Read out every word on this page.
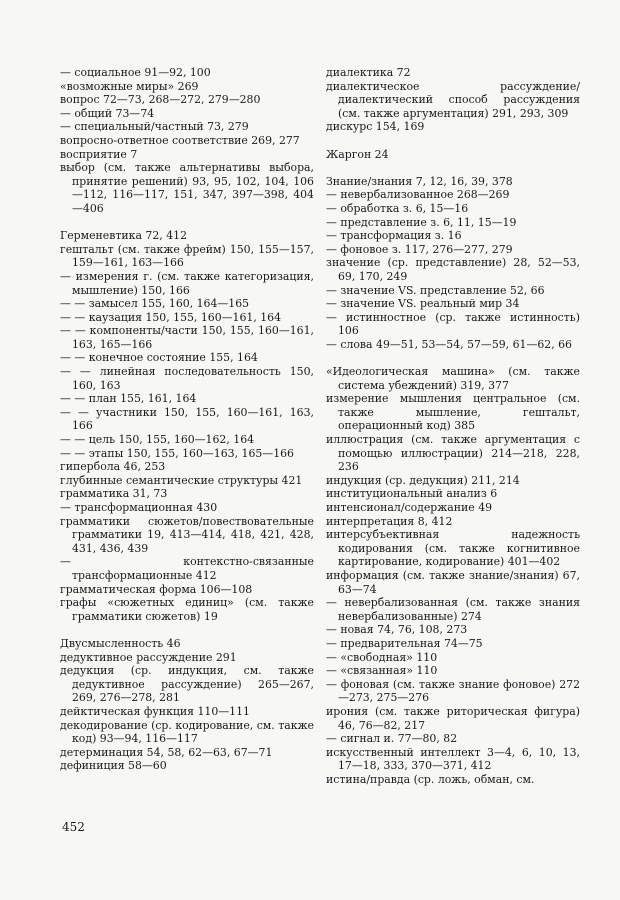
— социальное 91—92, 100
«возможные миры» 269
вопрос 72—73, 268—272, 279—280
— общий 73—74
— специальный/частный 73, 279
вопросно-ответное соответствие 269, 277
восприятие 7
выбор (см. также альтернативы выбора, принятие решений) 93, 95, 102, 104, 106—112, 116—117, 151, 347, 397—398, 404—406
Герменевтика 72, 412
гештальт (см. также фрейм) 150, 155—157, 159—161, 163—166
— измерения г. (см. также категоризация, мышление) 150, 166
— — замысел 155, 160, 164—165
— — каузация 150, 155, 160—161, 164
— — компоненты/части 150, 155, 160—161, 163, 165—166
— — конечное состояние 155, 164
— — линейная последовательность 150, 160, 163
— — план 155, 161, 164
— — участники 150, 155, 160—161, 163, 166
— — цель 150, 155, 160—162, 164
— — этапы 150, 155, 160—163, 165—166
гипербола 46, 253
глубинные семантические структуры 421
грамматика 31, 73
— трансформационная 430
грамматики сюжетов/повествовательные грамматики 19, 413—414, 418, 421, 428, 431, 436, 439
— контекстно-связанные трансформационные 412
грамматическая форма 106—108
графы «сюжетных единиц» (см. также грамматики сюжетов) 19
Двусмысленность 46
дедуктивное рассуждение 291
дедукция (ср. индукция, см. также дедуктивное рассуждение) 265—267, 269, 276—278, 281
дейктическая функция 110—111
декодирование (ср. кодирование, см. также код) 93—94, 116—117
детерминация 54, 58, 62—63, 67—71
дефиниция 58—60
диалектика 72
диалектическое рассуждение/диалектический способ рассуждения (см. также аргументация) 291, 293, 309
дискурс 154, 169
Жаргон 24
Знание/знания 7, 12, 16, 39, 378
— невербализованное 268—269
— обработка з. 6, 15—16
— представление з. 6, 11, 15—19
— трансформация з. 16
— фоновое з. 117, 276—277, 279
значение (ср. представление) 28, 52—53, 69, 170, 249
— значение VS. представление 52, 66
— значение VS. реальный мир 34
— истинностное (ср. также истинность) 106
— слова 49—51, 53—54, 57—59, 61—62, 66
«Идеологическая машина» (см. также система убеждений) 319, 377
измерение мышления центральное (см. также мышление, гештальт, операционный код) 385
иллюстрация (см. также аргументация с помощью иллюстрации) 214—218, 228, 236
индукция (ср. дедукция) 211, 214
институциональный анализ 6
интенсионал/содержание 49
интерпретация 8, 412
интерсубъективная надежность кодирования (см. также когнитивное картирование, кодирование) 401—402
информация (см. также знание/знания) 67, 63—74
— невербализованная (см. также знания невербализованные) 274
— новая 74, 76, 108, 273
— предварительная 74—75
— «свободная» 110
— «связанная» 110
— фоновая (см. также знание фоновое) 272—273, 275—276
ирония (см. также риторическая фигура) 46, 76—82, 217
— сигнал и. 77—80, 82
искусственный интеллект 3—4, 6, 10, 13, 17—18, 333, 370—371, 412
истина/правда (ср. ложь, обман, см.
452
